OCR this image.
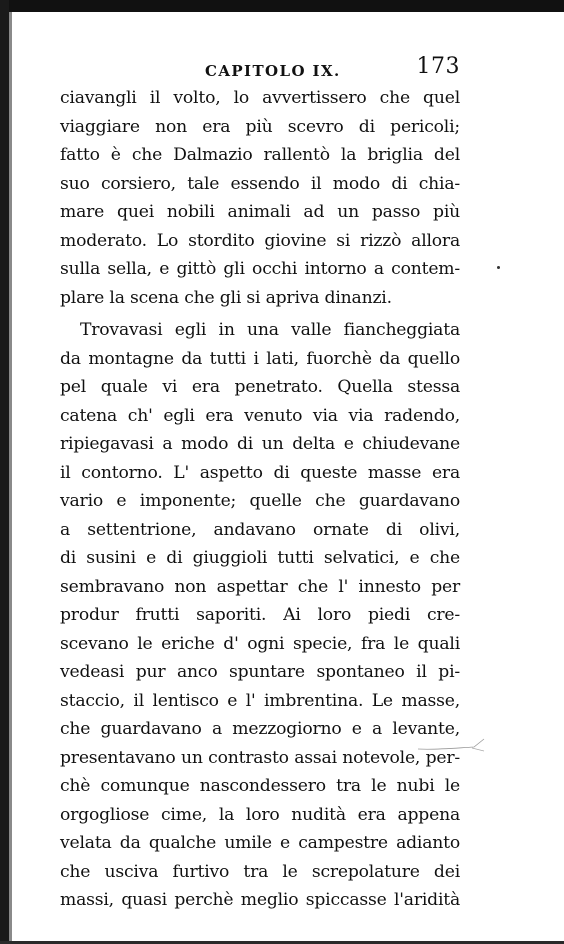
CAPITOLO IX.	173
ciavangli il volto, lo avvertissero che quel
viaggiare non era più scevro di pericoli;
fatto è che Dalmazio rallentò la briglia del
suo corsiero, tale essendo il modo di chia-
mare quei nobili animali ad un passo più
moderato. Lo stordito giovine si rizzò allora
sulla sella, e gittò gli occhi intorno a contem-
plare la scena che gli si apriva dinanzi.
Trovavasi egli in una valle fiancheggiata
da montagne da tutti i lati, fuorchè da quello
pel quale vi era penetrato. Quella stessa
catena ch' egli era venuto via via radendo,
ripiegavasi a modo di un delta e chiudevane
il contorno. L' aspetto di queste masse era
vario e imponente; quelle che guardavano
a settentrione, andavano ornate di olivi,
di susini e di giuggioli tutti selvatici, e che
sembravano non aspettar che l' innesto per
produr frutti saporiti. Ai loro piedi cre-
scevano le eriche d' ogni specie, fra le quali
vedeasi pur anco spuntare spontaneo il pi-
staccio, il lentisco e l' imbrentina. Le masse,
che guardavano a mezzogiorno e a levante,
presentavano un contrasto assai notevole, per-
chè comunque nascondessero tra le nubi le
orgogliose cime, la loro nudità era appena
velata da qualche umile e campestre adianto
che usciva furtivo tra le screpolature dei
massi, quasi perchè meglio spiccasse l'aridità
